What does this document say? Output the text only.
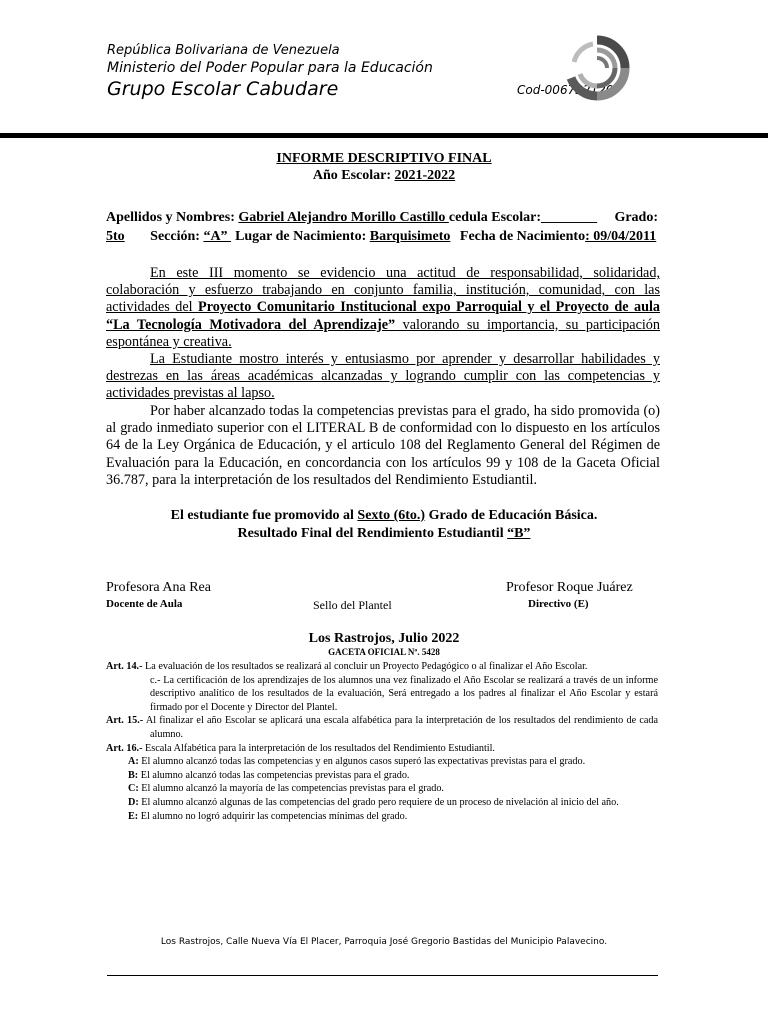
República Bolivariana de Venezuela
Ministerio del Poder Popular para la Educación
Grupo Escolar Cabudare	Cod-006732120
INFORME DESCRIPTIVO FINAL
Año Escolar: 2021-2022
Apellidos y Nombres: Gabriel Alejandro Morillo Castillo cedula Escolar:________ Grado:
5to Sección: “A” Lugar de Nacimiento: Barquisimeto Fecha de Nacimiento: 09/04/2011
En este III momento se evidencio una actitud de responsabilidad, solidaridad, colaboración y esfuerzo trabajando en conjunto familia, institución, comunidad, con las actividades del Proyecto Comunitario Institucional expo Parroquial y el Proyecto de aula “La Tecnología Motivadora del Aprendizaje” valorando su importancia, su participación espontánea y creativa.
La Estudiante mostro interés y entusiasmo por aprender y desarrollar habilidades y destrezas en las áreas académicas alcanzadas y logrando cumplir con las competencias y actividades previstas al lapso.
Por haber alcanzado todas la competencias previstas para el grado, ha sido promovida (o) al grado inmediato superior con el LITERAL B de conformidad con lo dispuesto en los artículos 64 de la Ley Orgánica de Educación, y el articulo 108 del Reglamento General del Régimen de Evaluación para la Educación, en concordancia con los artículos 99 y 108 de la Gaceta Oficial 36.787, para la interpretación de los resultados del Rendimiento Estudiantil.
El estudiante fue promovido al Sexto (6to.) Grado de Educación Básica.
Resultado Final del Rendimiento Estudiantil “B”
Profesora Ana Rea
Docente de Aula	Sello del Plantel
Profesor Roque Juárez
Directivo (E)
Los Rastrojos, Julio 2022
GACETA OFICIAL Nº. 5428

Art. 14.- La evaluación de los resultados se realizará al concluir un Proyecto Pedagógico o al finalizar el Año Escolar.

c.- La certificación de los aprendizajes de los alumnos una vez finalizado el Año Escolar se realizará a través de un informe descriptivo analítico de los resultados de la evaluación, Será entregado a los padres al finalizar el Año Escolar y estará firmado por el Docente y Director del Plantel.

Art. 15.- Al finalizar el año Escolar se aplicará una escala alfabética para la interpretación de los resultados del rendimiento de cada alumno.

Art. 16.- Escala Alfabética para la interpretación de los resultados del Rendimiento Estudiantil.

A: El alumno alcanzó todas las competencias y en algunos casos superó las expectativas previstas para el grado.

B: El alumno alcanzó todas las competencias previstas para el grado.

C: El alumno alcanzó la mayoría de las competencias previstas para el grado.

D: El alumno alcanzó algunas de las competencias del grado pero requiere de un proceso de nivelación al inicio del año.

E: El alumno no logró adquirir las competencias mínimas del grado.

Los Rastrojos, Calle Nueva Vía El Placer, Parroquia José Gregorio Bastidas del Municipio Palavecino.
